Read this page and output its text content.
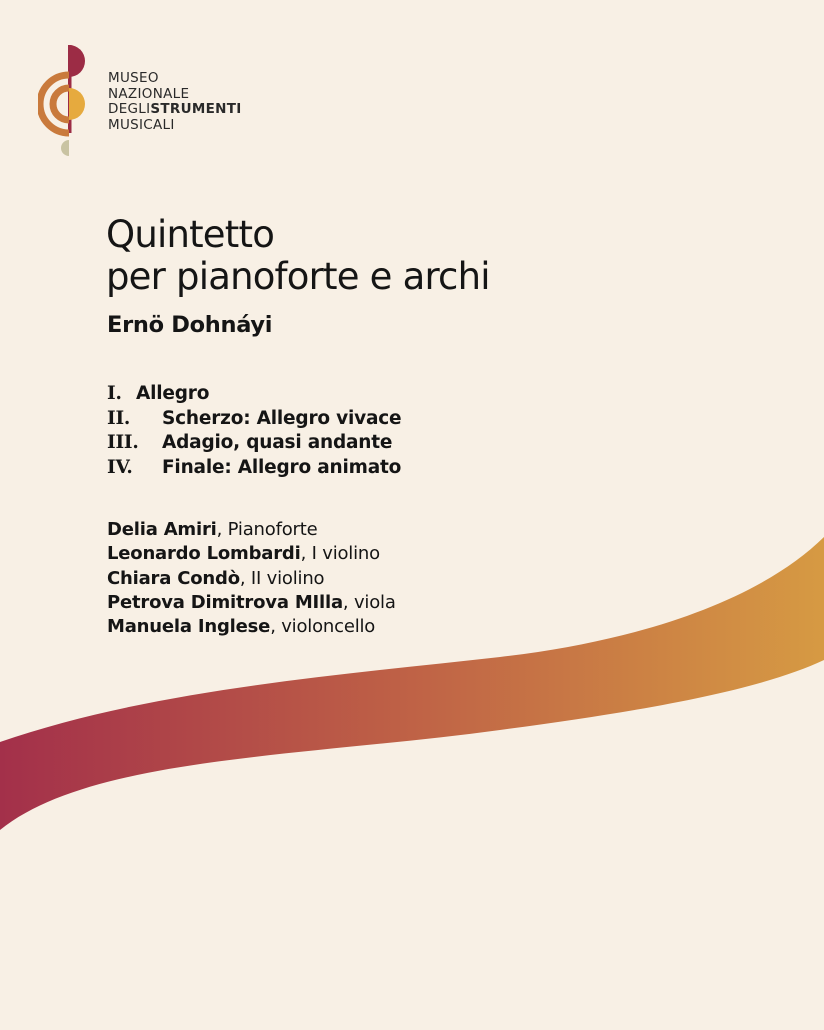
MUSEO
NAZIONALE
DEGLISTRUMENTI
MUSICALI
Quintetto
per pianoforte e archi
Ernö Dohnáyi
I. Allegro
II. Scherzo: Allegro vivace
III. Adagio, quasi andante
IV. Finale: Allegro animato
Delia Amiri, Pianoforte
Leonardo Lombardi, I violino
Chiara Condò, II violino
Petrova Dimitrova MIlla, viola
Manuela Inglese, violoncello
